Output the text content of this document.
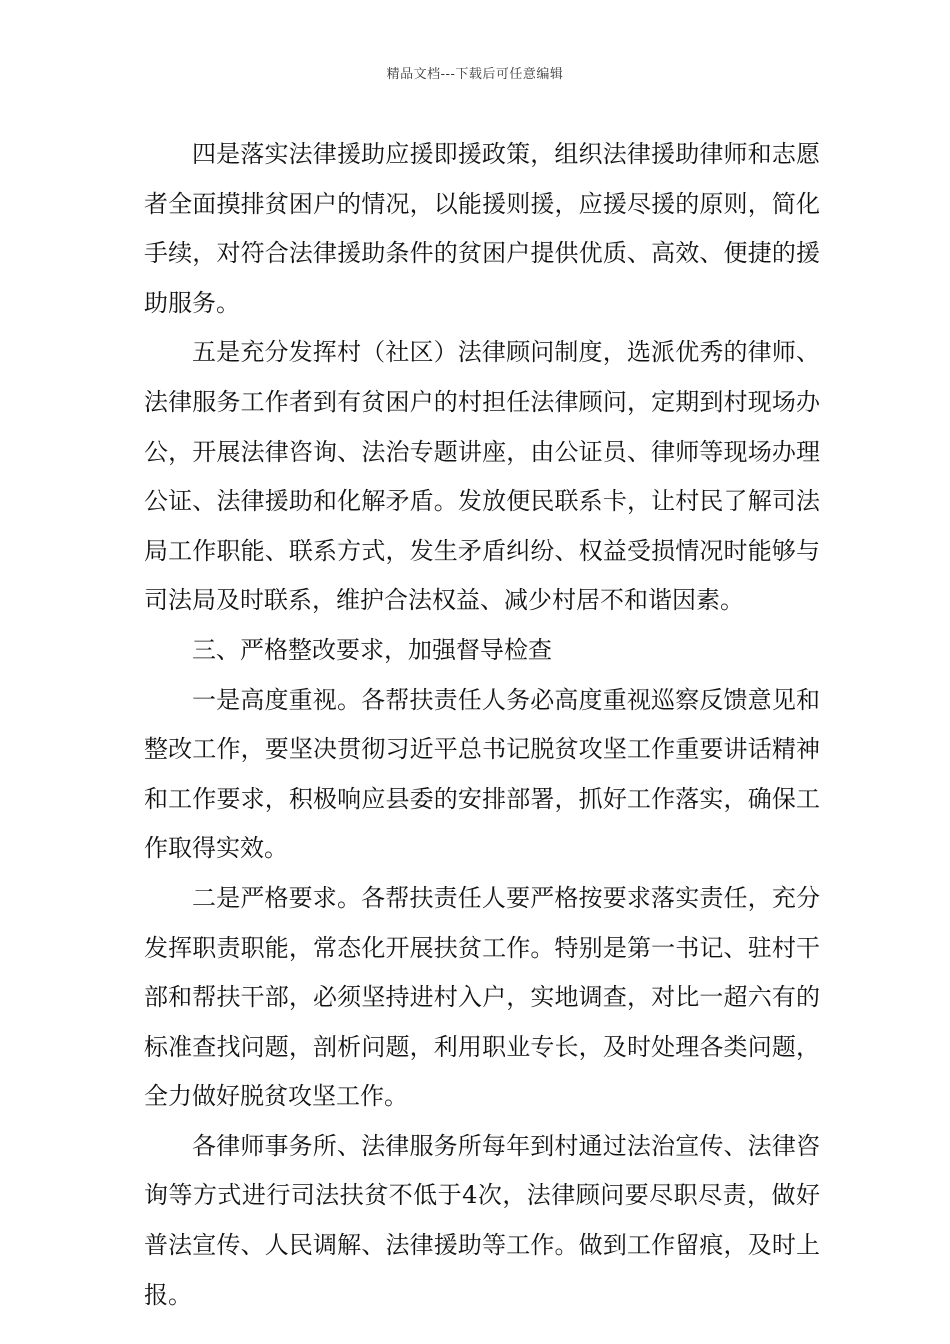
精品文档---下载后可任意编辑

四是落实法律援助应援即援政策，组织法律援助律师和志愿者全面摸排贫困户的情况，以能援则援，应援尽援的原则，简化手续，对符合法律援助条件的贫困户提供优质、高效、便捷的援助服务。

五是充分发挥村（社区）法律顾问制度，选派优秀的律师、法律服务工作者到有贫困户的村担任法律顾问，定期到村现场办公，开展法律咨询、法治专题讲座，由公证员、律师等现场办理公证、法律援助和化解矛盾。发放便民联系卡，让村民了解司法局工作职能、联系方式，发生矛盾纠纷、权益受损情况时能够与司法局及时联系，维护合法权益、减少村居不和谐因素。

三、严格整改要求，加强督导检查

一是高度重视。各帮扶责任人务必高度重视巡察反馈意见和整改工作，要坚决贯彻习近平总书记脱贫攻坚工作重要讲话精神和工作要求，积极响应县委的安排部署，抓好工作落实，确保工作取得实效。

二是严格要求。各帮扶责任人要严格按要求落实责任，充分发挥职责职能，常态化开展扶贫工作。特别是第一书记、驻村干部和帮扶干部，必须坚持进村入户，实地调查，对比一超六有的标准查找问题，剖析问题，利用职业专长，及时处理各类问题，全力做好脱贫攻坚工作。

各律师事务所、法律服务所每年到村通过法治宣传、法律咨询等方式进行司法扶贫不低于4次，法律顾问要尽职尽责，做好普法宣传、人民调解、法律援助等工作。做到工作留痕，及时上报。
